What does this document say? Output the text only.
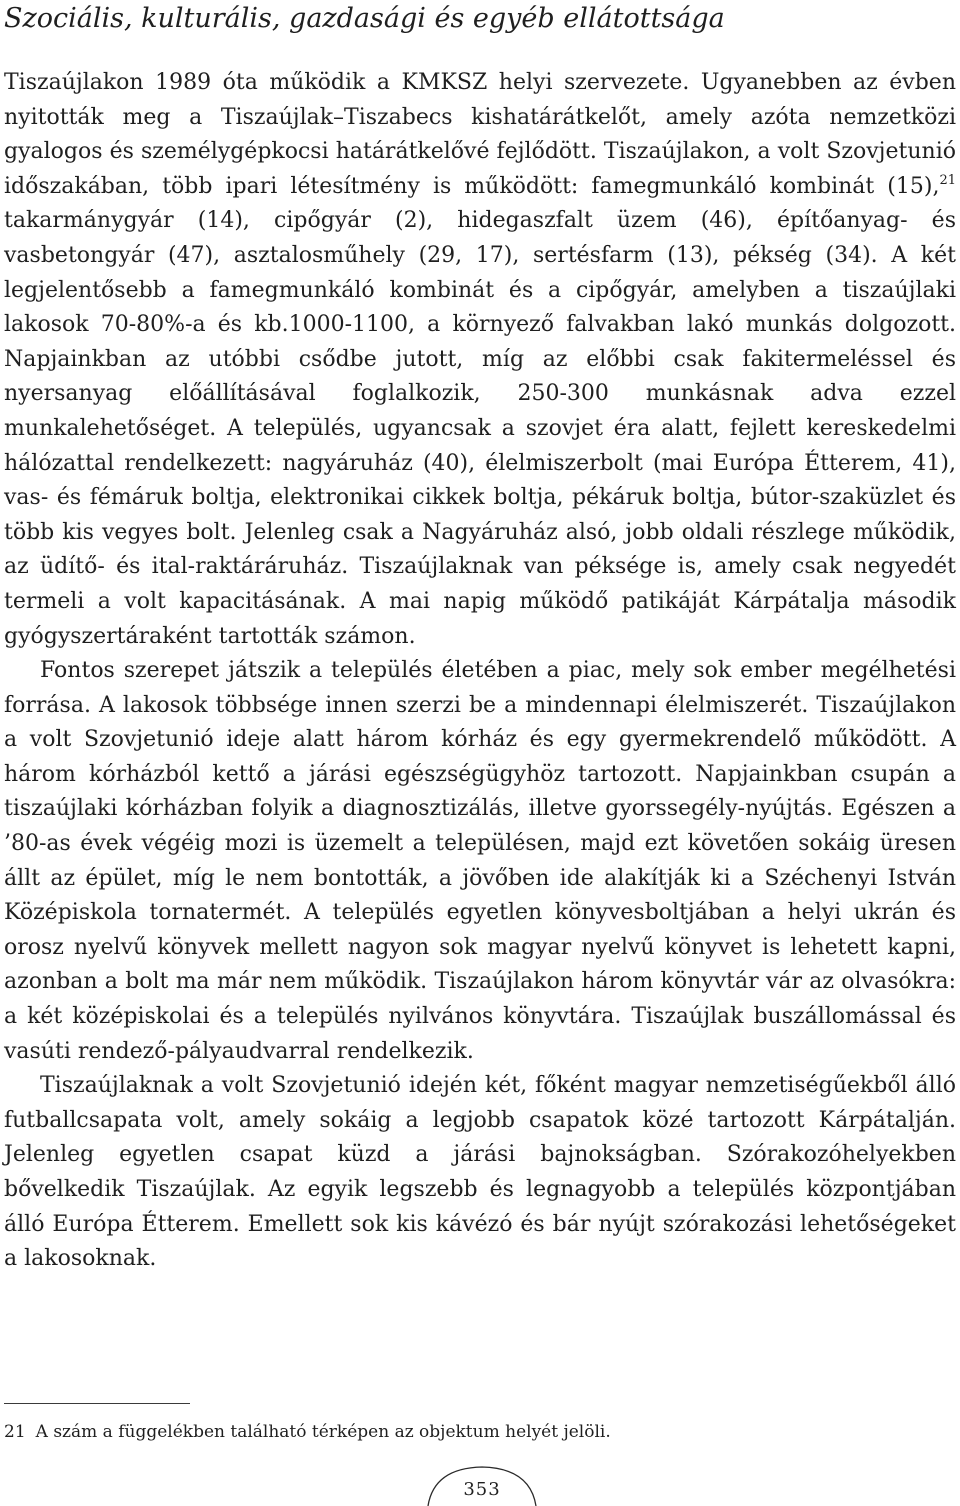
Szociális, kulturális, gazdasági és egyéb ellátottsága

Tiszaújlakon 1989 óta működik a KMKSZ helyi szervezete. Ugyanebben az évben nyitották meg a Tiszaújlak–Tiszabecs kishatárátkelőt, amely azóta nemzetközi gyalogos és személygépkocsi határátkelővé fejlődött. Tiszaújlakon, a volt Szovjetunió időszakában, több ipari létesítmény is működött: famegmunkáló kombinát (15),$^{21}$ takarmánygyár (14), cipőgyár (2), hidegaszfalt üzem (46), építőanyag- és vasbetongyár (47), asztalosműhely (29, 17), sertésfarm (13), pékség (34). A két legjelentősebb a famegmunkáló kombinát és a cipőgyár, amelyben a tiszaújlaki lakosok 70-80%-a és kb.1000-1100, a környező falvakban lakó munkás dolgozott. Napjainkban az utóbbi csődbe jutott, míg az előbbi csak fakitermeléssel és nyersanyag előállításával foglalkozik, 250-300 munkásnak adva ezzel munkalehetőséget. A település, ugyancsak a szovjet éra alatt, fejlett kereskedelmi hálózattal rendelkezett: nagyáruház (40), élelmiszerbolt (mai Európa Étterem, 41), vas- és fémáruk boltja, elektronikai cikkek boltja, pékáruk boltja, bútor-szaküzlet és több kis vegyes bolt. Jelenleg csak a Nagyáruház alsó, jobb oldali részlege működik, az üdítő- és ital-raktáráruház. Tiszaújlaknak van péksége is, amely csak negyedét termeli a volt kapacitásának. A mai napig működő patikáját Kárpátalja második gyógyszertáraként tartották számon.

Fontos szerepet játszik a település életében a piac, mely sok ember megélhetési forrása. A lakosok többsége innen szerzi be a mindennapi élelmiszerét. Tiszaújlakon a volt Szovjetunió ideje alatt három kórház és egy gyermekrendelő működött. A három kórházból kettő a járási egészségügyhöz tartozott. Napjainkban csupán a tiszaújlaki kórházban folyik a diagnosztizálás, illetve gyorssegély-nyújtás. Egészen a ’80-as évek végéig mozi is üzemelt a településen, majd ezt követően sokáig üresen állt az épület, míg le nem bontották, a jövőben ide alakítják ki a Széchenyi István Középiskola tornatermét. A település egyetlen könyvesboltjában a helyi ukrán és orosz nyelvű könyvek mellett nagyon sok magyar nyelvű könyvet is lehetett kapni, azonban a bolt ma már nem működik. Tiszaújlakon három könyvtár vár az olvasókra: a két középiskolai és a település nyilvános könyvtára. Tiszaújlak buszállomással és vasúti rendező-pályaudvarral rendelkezik.

Tiszaújlaknak a volt Szovjetunió idején két, főként magyar nemzetiségűekből álló futballcsapata volt, amely sokáig a legjobb csapatok közé tartozott Kárpátalján. Jelenleg egyetlen csapat küzd a járási bajnokságban. Szórakozóhelyekben bővelkedik Tiszaújlak. Az egyik legszebb és legnagyobb a település központjában álló Európa Étterem. Emellett sok kis kávézó és bár nyújt szórakozási lehetőségeket a lakosoknak.

21 A szám a függelékben található térképen az objektum helyét jelöli.
353
